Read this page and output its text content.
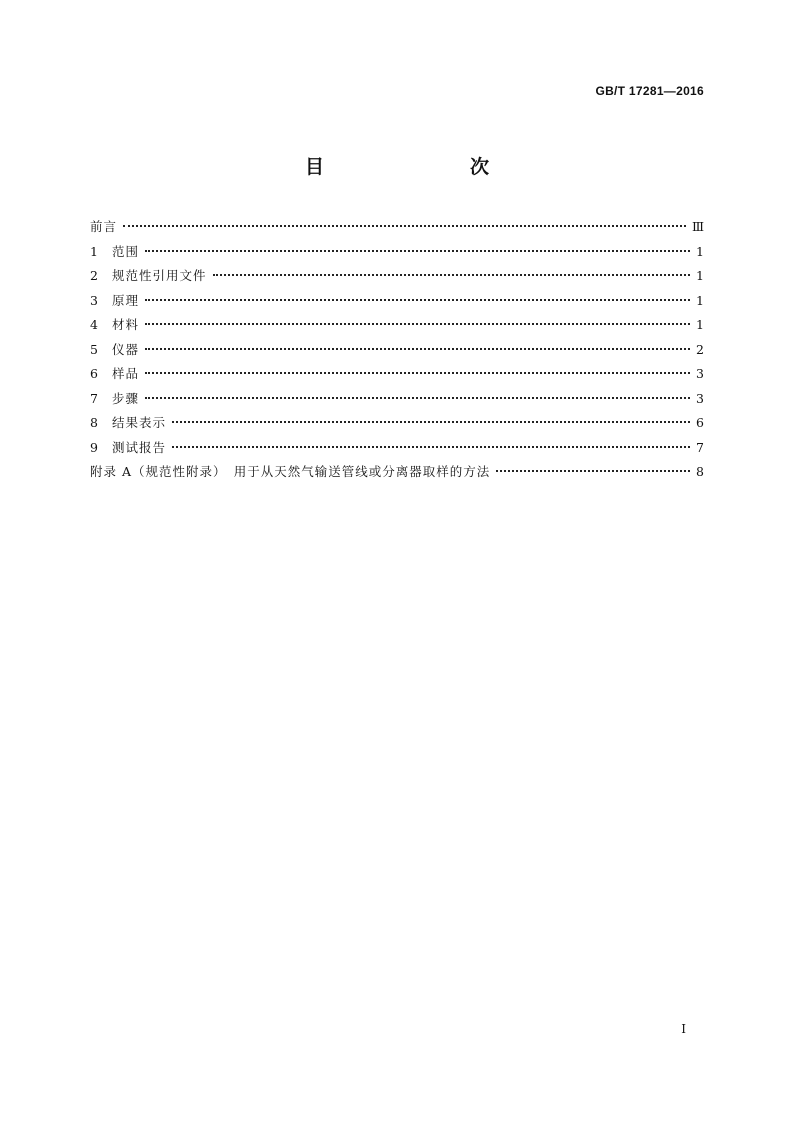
GB/T 17281—2016
目　　次
前言	Ⅲ
1	范围	1
2	规范性引用文件	1
3	原理	1
4	材料	1
5	仪器	2
6	样品	3
7	步骤	3
8	结果表示	6
9	测试报告	7
附录 A（规范性附录）　用于从天然气输送管线或分离器取样的方法	8
I
